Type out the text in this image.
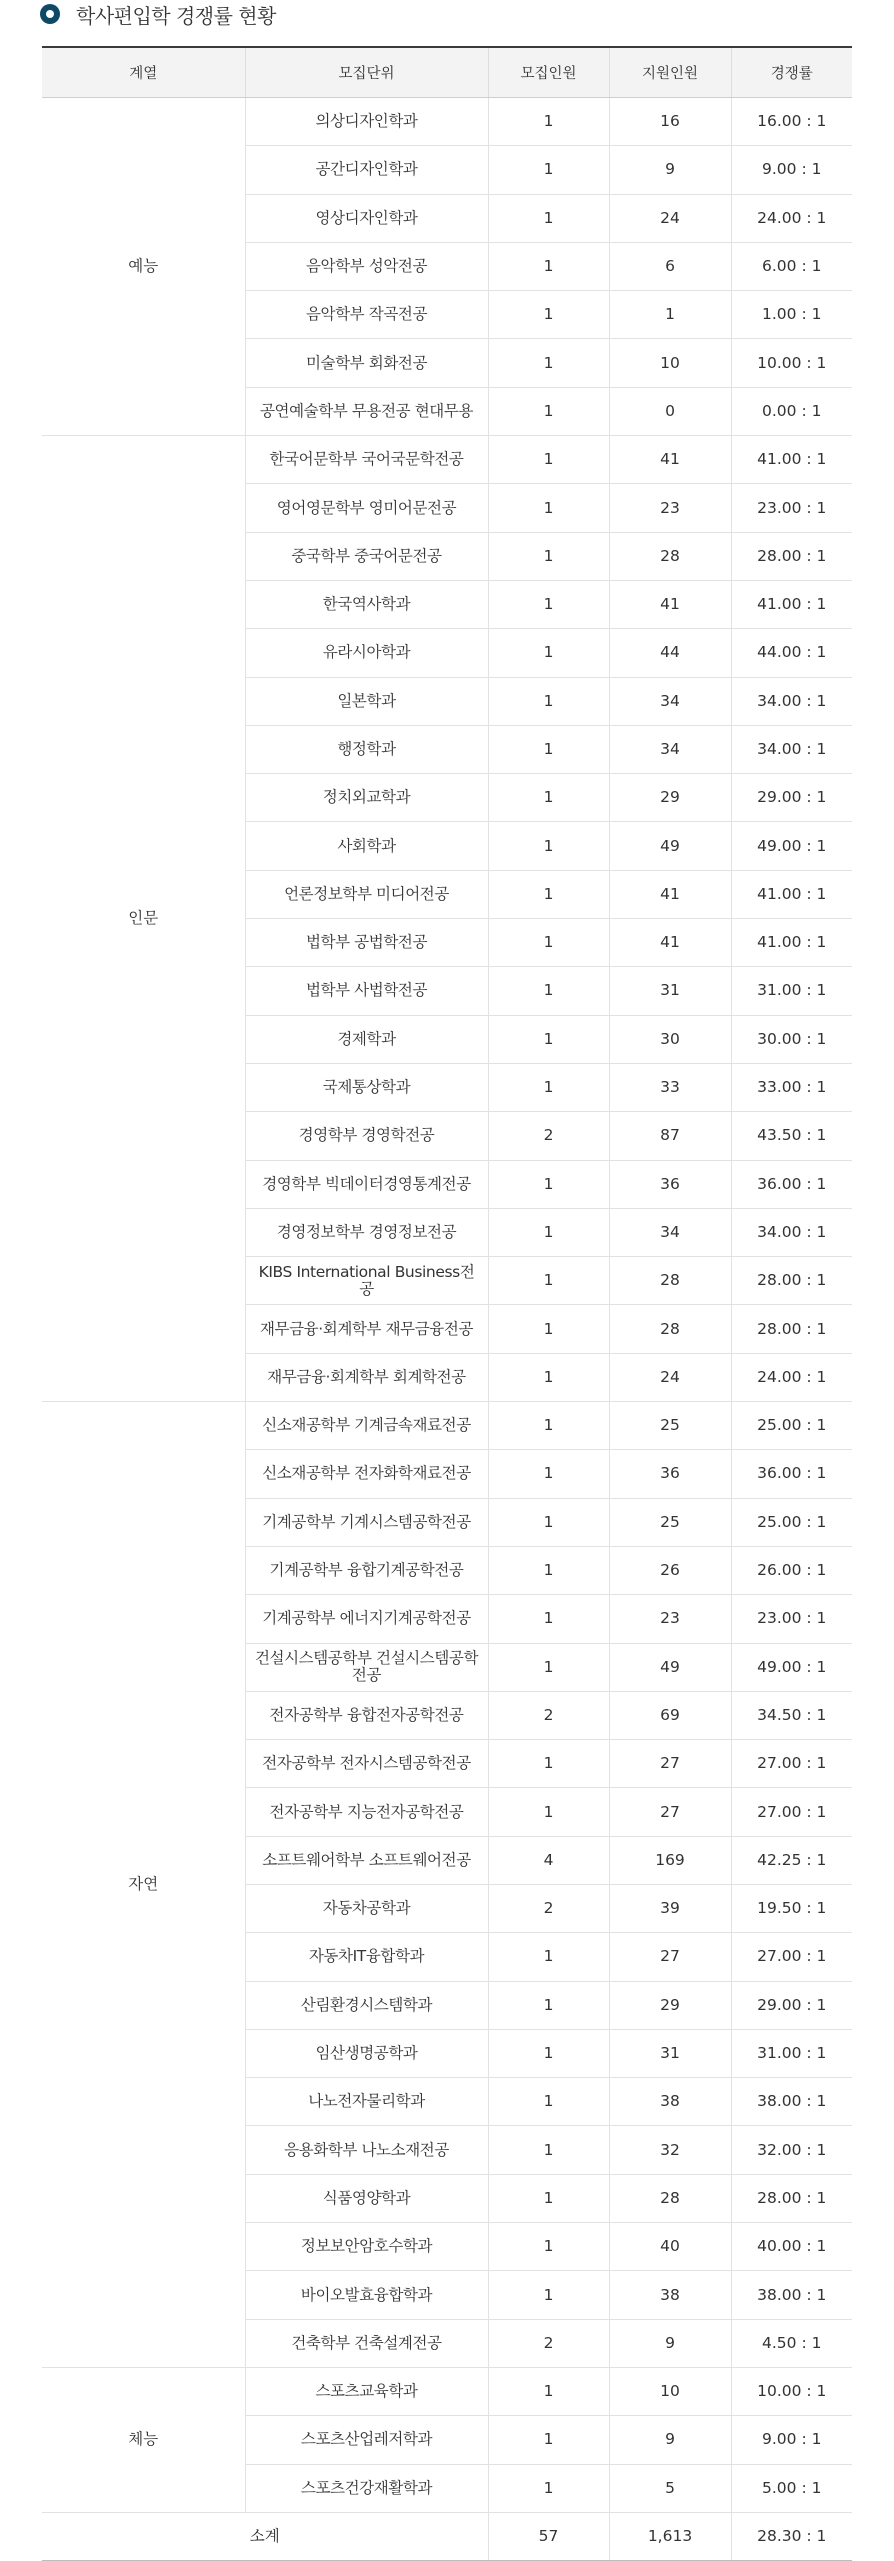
학사편입학 경쟁률 현황
계열	모집단위	모집인원	지원인원	경쟁률
예능	의상디자인학과	1	16	16.00 : 1
	공간디자인학과	1	9	9.00 : 1
	영상디자인학과	1	24	24.00 : 1
	음악학부 성악전공	1	6	6.00 : 1
	음악학부 작곡전공	1	1	1.00 : 1
	미술학부 회화전공	1	10	10.00 : 1
	공연예술학부 무용전공 현대무용	1	0	0.00 : 1
인문	한국어문학부 국어국문학전공	1	41	41.00 : 1
	영어영문학부 영미어문전공	1	23	23.00 : 1
	중국학부 중국어문전공	1	28	28.00 : 1
	한국역사학과	1	41	41.00 : 1
	유라시아학과	1	44	44.00 : 1
	일본학과	1	34	34.00 : 1
	행정학과	1	34	34.00 : 1
	정치외교학과	1	29	29.00 : 1
	사회학과	1	49	49.00 : 1
	언론정보학부 미디어전공	1	41	41.00 : 1
	법학부 공법학전공	1	41	41.00 : 1
	법학부 사법학전공	1	31	31.00 : 1
	경제학과	1	30	30.00 : 1
	국제통상학과	1	33	33.00 : 1
	경영학부 경영학전공	2	87	43.50 : 1
	경영학부 빅데이터경영통계전공	1	36	36.00 : 1
	경영정보학부 경영정보전공	1	34	34.00 : 1
	KIBS International Business전공	1	28	28.00 : 1
	재무금융·회계학부 재무금융전공	1	28	28.00 : 1
	재무금융·회계학부 회계학전공	1	24	24.00 : 1
자연	신소재공학부 기계금속재료전공	1	25	25.00 : 1
	신소재공학부 전자화학재료전공	1	36	36.00 : 1
	기계공학부 기계시스템공학전공	1	25	25.00 : 1
	기계공학부 융합기계공학전공	1	26	26.00 : 1
	기계공학부 에너지기계공학전공	1	23	23.00 : 1
	건설시스템공학부 건설시스템공학전공	1	49	49.00 : 1
	전자공학부 융합전자공학전공	2	69	34.50 : 1
	전자공학부 전자시스템공학전공	1	27	27.00 : 1
	전자공학부 지능전자공학전공	1	27	27.00 : 1
	소프트웨어학부 소프트웨어전공	4	169	42.25 : 1
	자동차공학과	2	39	19.50 : 1
	자동차IT융합학과	1	27	27.00 : 1
	산림환경시스템학과	1	29	29.00 : 1
	임산생명공학과	1	31	31.00 : 1
	나노전자물리학과	1	38	38.00 : 1
	응용화학부 나노소재전공	1	32	32.00 : 1
	식품영양학과	1	28	28.00 : 1
	정보보안암호수학과	1	40	40.00 : 1
	바이오발효융합학과	1	38	38.00 : 1
	건축학부 건축설계전공	2	9	4.50 : 1
체능	스포츠교육학과	1	10	10.00 : 1
	스포츠산업레저학과	1	9	9.00 : 1
	스포츠건강재활학과	1	5	5.00 : 1
소계		57	1,613	28.30 : 1
